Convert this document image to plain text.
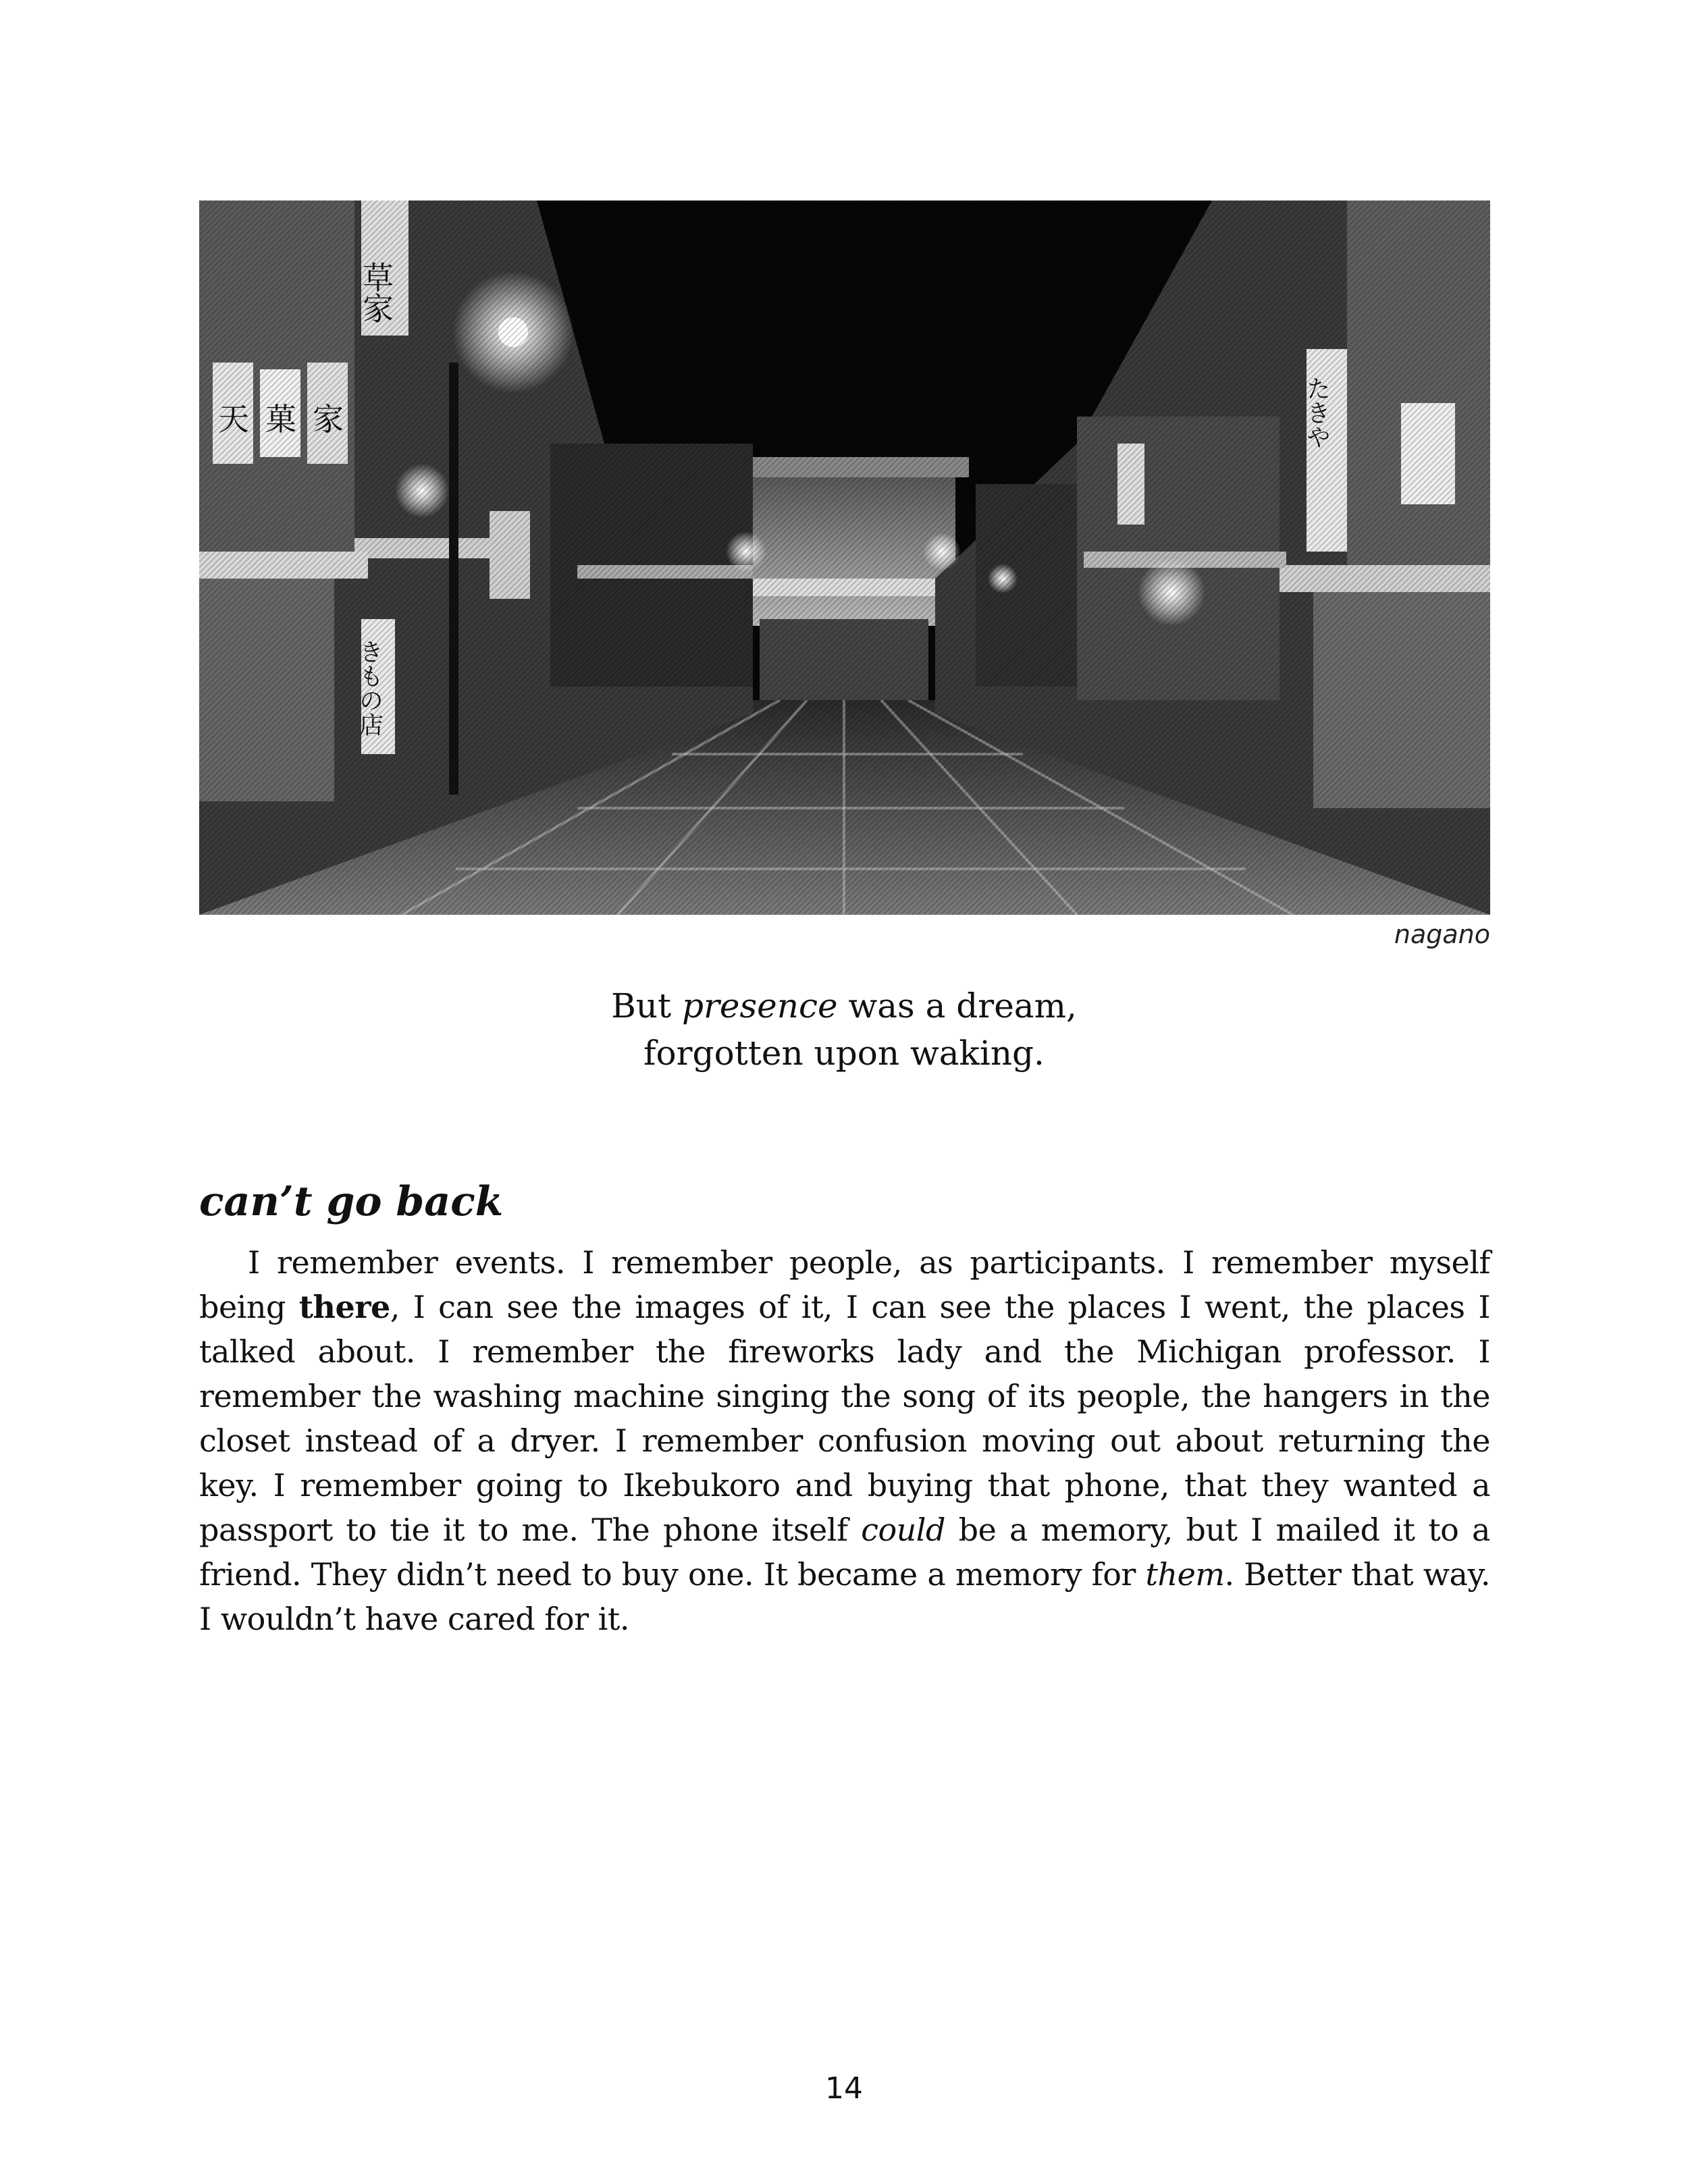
nagano

But presence was a dream,

forgotten upon waking.

can’t go back

I remember events. I remember people, as participants. I remember myself being there, I can see the images of it, I can see the places I went, the places I talked about. I remember the fireworks lady and the Michigan professor. I remember the washing machine singing the song of its people, the hangers in the closet instead of a dryer. I remember confusion moving out about returning the key. I remember going to Ikebukoro and buying that phone, that they wanted a passport to tie it to me. The phone itself could be a memory, but I mailed it to a friend. They didn’t need to buy one. It became a memory for them. Better that way. I wouldn’t have cared for it.

14
